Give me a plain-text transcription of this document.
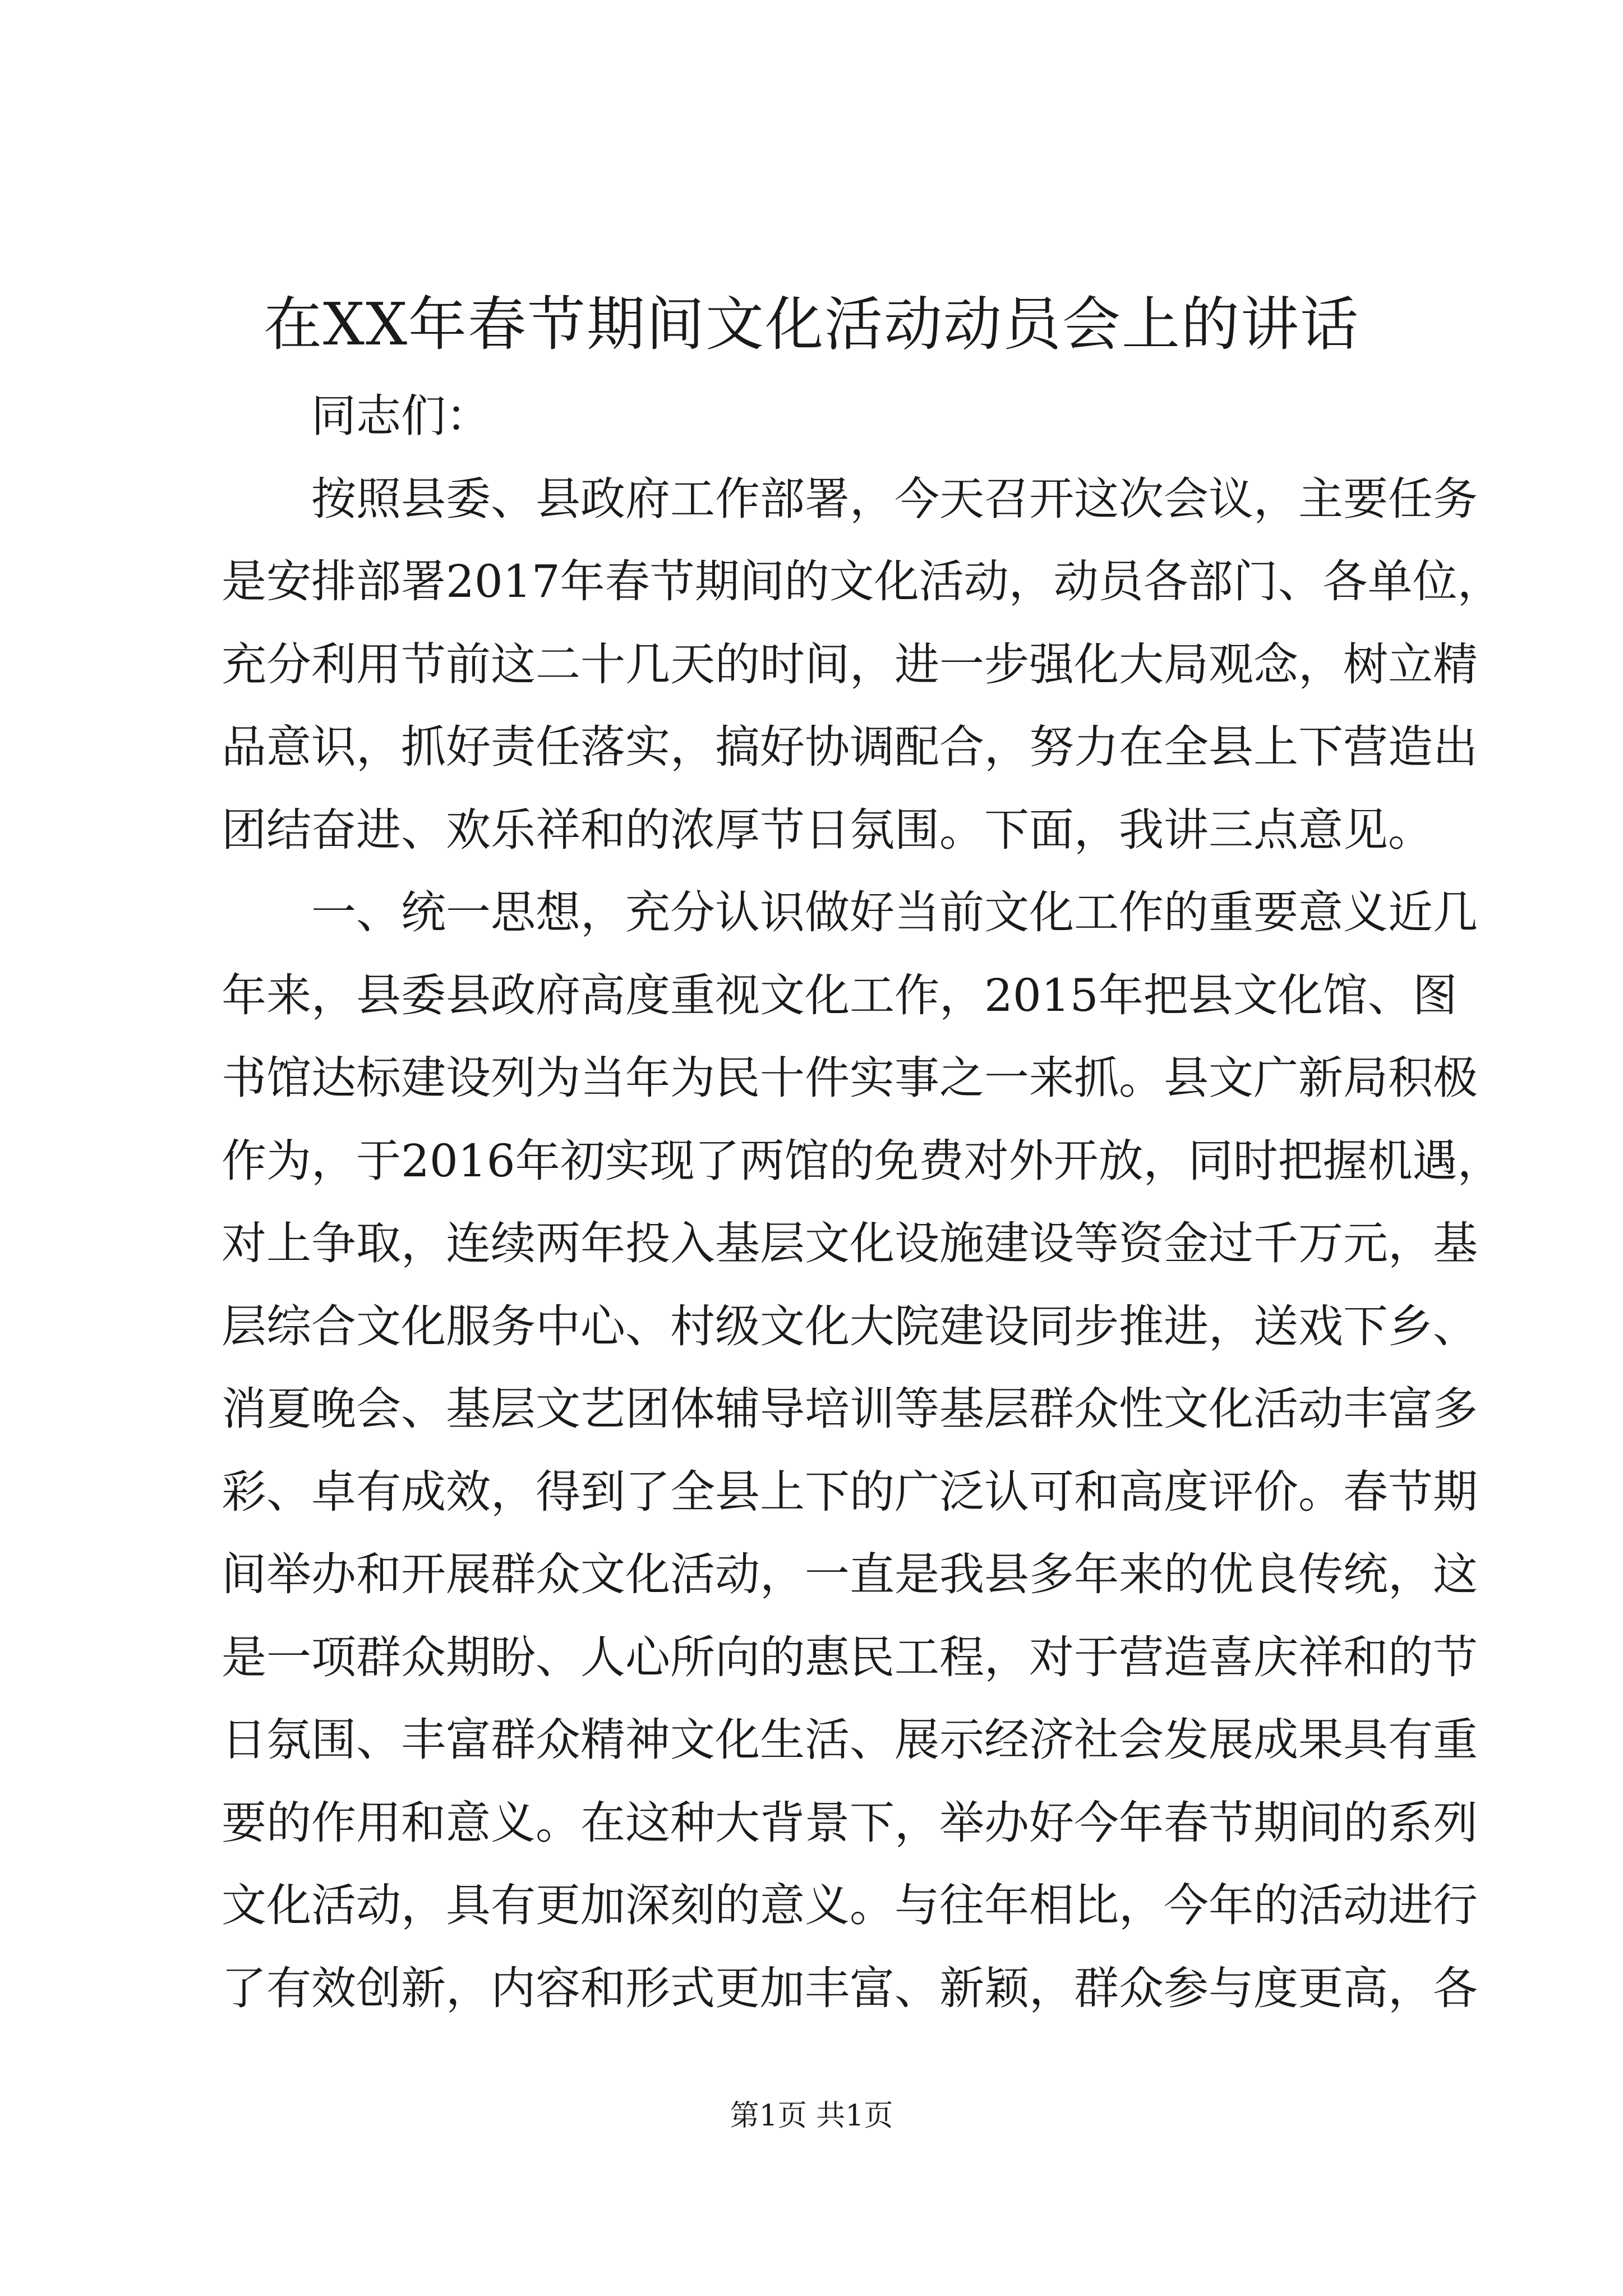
在XX年春节期间文化活动动员会上的讲话
同志们：
按照县委、县政府工作部署，今天召开这次会议，主要任务
是安排部署2017年春节期间的文化活动，动员各部门、各单位，
充分利用节前这二十几天的时间，进一步强化大局观念，树立精
品意识，抓好责任落实，搞好协调配合，努力在全县上下营造出
团结奋进、欢乐祥和的浓厚节日氛围。下面，我讲三点意见。
一、统一思想，充分认识做好当前文化工作的重要意义近几
年来，县委县政府高度重视文化工作，2015年把县文化馆、图
书馆达标建设列为当年为民十件实事之一来抓。县文广新局积极
作为，于2016年初实现了两馆的免费对外开放，同时把握机遇，
对上争取，连续两年投入基层文化设施建设等资金过千万元，基
层综合文化服务中心、村级文化大院建设同步推进，送戏下乡、
消夏晚会、基层文艺团体辅导培训等基层群众性文化活动丰富多
彩、卓有成效，得到了全县上下的广泛认可和高度评价。春节期
间举办和开展群众文化活动，一直是我县多年来的优良传统，这
是一项群众期盼、人心所向的惠民工程，对于营造喜庆祥和的节
日氛围、丰富群众精神文化生活、展示经济社会发展成果具有重
要的作用和意义。在这种大背景下，举办好今年春节期间的系列
文化活动，具有更加深刻的意义。与往年相比，今年的活动进行
了有效创新，内容和形式更加丰富、新颖，群众参与度更高，各
第1页 共1页
